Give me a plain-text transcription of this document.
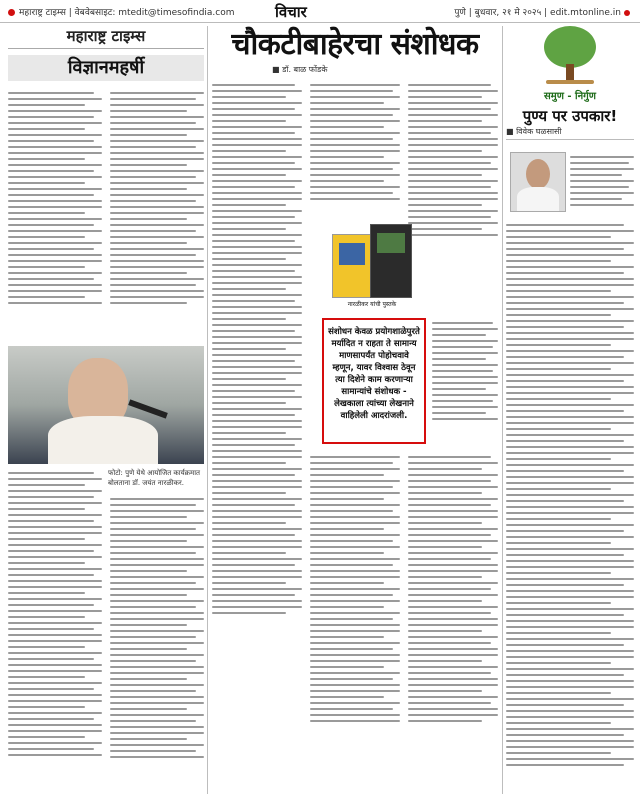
महाराष्ट्र टाइम्स | वेबवेबसाइट: mtedit@timesofindia.com	विचार	पुणे | बुधवार, २१ मे २०२५ | edit.mtonline.in
महाराष्ट्र टाइम्स
विज्ञानमहर्षी
फोटो: पुणे येथे आयोजित कार्यक्रमात बोलताना डॉ. जयंत नारळीकर.
चौकटीबाहेरचा संशोधक
■ डॉ. बाळ फोंडके
नारळीकर यांची पुस्तके
संशोधन केवळ प्रयोगशाळेपुरते मर्यादित न राहता ते सामान्य माणसापर्यंत पोहोचवावे म्हणून, यावर विश्वास ठेवून त्या दिशेने काम करणाऱ्या सामान्यांचे संशोधक - लेखकाला त्यांच्या लेखनाने वाहिलेली आदरांजली.
समुण - निर्गुण
पुण्य पर उपकार!
■ विवेक घळसासी
